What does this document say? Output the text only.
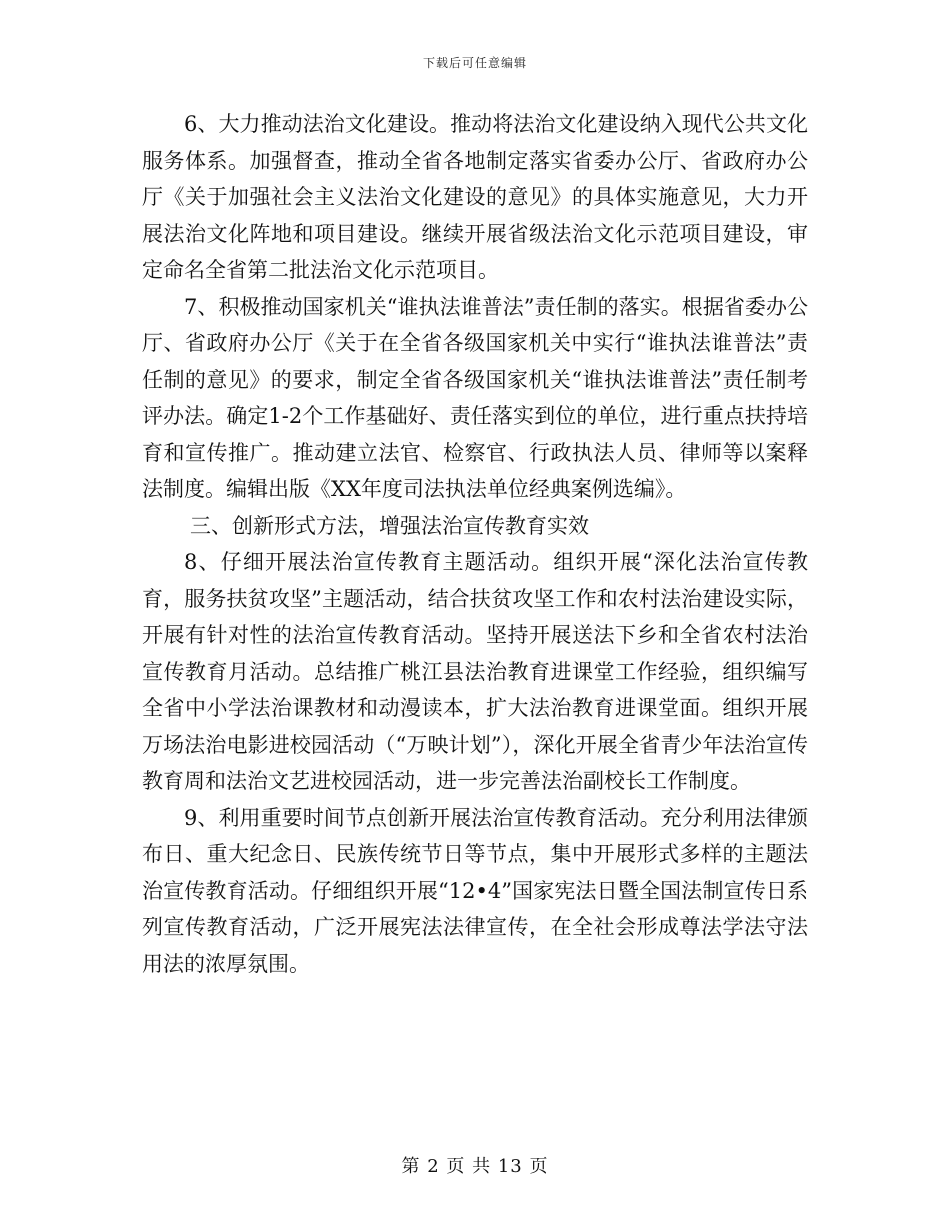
下载后可任意编辑

6、大力推动法治文化建设。推动将法治文化建设纳入现代公共文化服务体系。加强督查，推动全省各地制定落实省委办公厅、省政府办公厅《关于加强社会主义法治文化建设的意见》的具体实施意见，大力开展法治文化阵地和项目建设。继续开展省级法治文化示范项目建设，审定命名全省第二批法治文化示范项目。

7、积极推动国家机关“谁执法谁普法”责任制的落实。根据省委办公厅、省政府办公厅《关于在全省各级国家机关中实行“谁执法谁普法”责任制的意见》的要求，制定全省各级国家机关“谁执法谁普法”责任制考评办法。确定1-2个工作基础好、责任落实到位的单位，进行重点扶持培育和宣传推广。推动建立法官、检察官、行政执法人员、律师等以案释法制度。编辑出版《XX年度司法执法单位经典案例选编》。

三、创新形式方法，增强法治宣传教育实效

8、仔细开展法治宣传教育主题活动。组织开展“深化法治宣传教育，服务扶贫攻坚”主题活动，结合扶贫攻坚工作和农村法治建设实际，开展有针对性的法治宣传教育活动。坚持开展送法下乡和全省农村法治宣传教育月活动。总结推广桃江县法治教育进课堂工作经验，组织编写全省中小学法治课教材和动漫读本，扩大法治教育进课堂面。组织开展万场法治电影进校园活动（“万映计划”），深化开展全省青少年法治宣传教育周和法治文艺进校园活动，进一步完善法治副校长工作制度。

9、利用重要时间节点创新开展法治宣传教育活动。充分利用法律颁布日、重大纪念日、民族传统节日等节点，集中开展形式多样的主题法治宣传教育活动。仔细组织开展“12•4”国家宪法日暨全国法制宣传日系列宣传教育活动，广泛开展宪法法律宣传，在全社会形成尊法学法守法用法的浓厚氛围。

第 2 页 共 13 页
